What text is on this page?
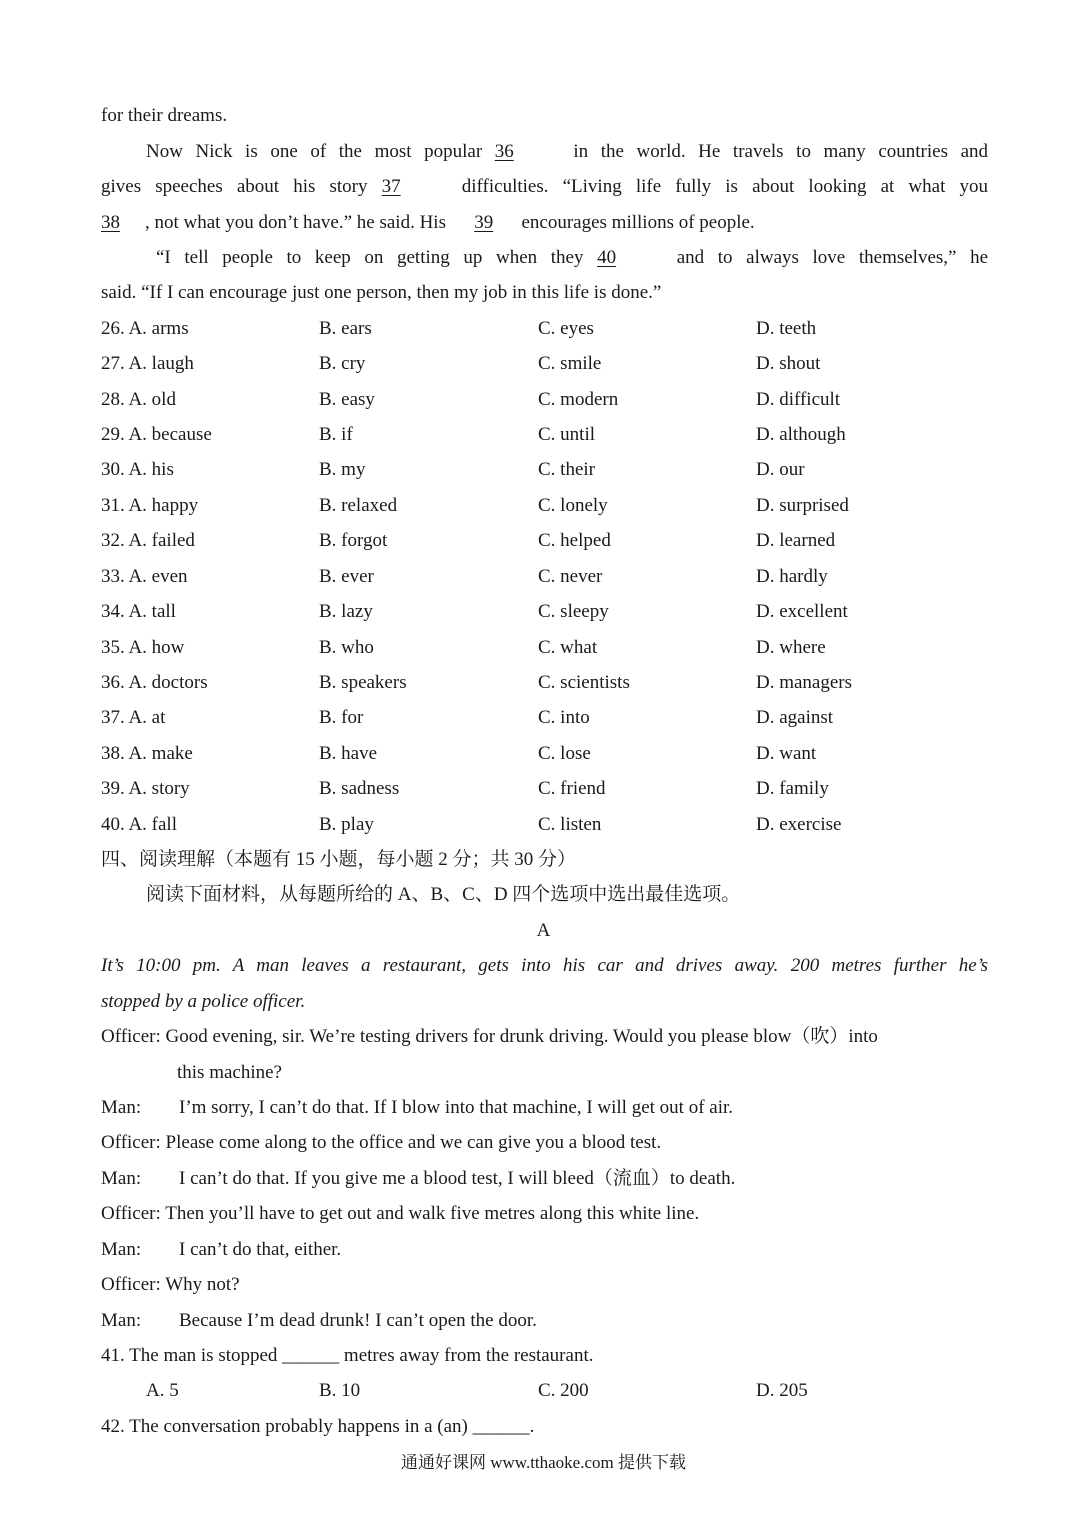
for their dreams.
Now Nick is one of the most popular 36	in the world. He travels to many countries and
gives speeches about his story 37	difficulties. “Living life fully is about looking at what you
38 , not what you don’t have.” he said. His 39 encourages millions of people.
“I tell people to keep on getting up when they 40	and to always love themselves,” he
said. “If I can encourage just one person, then my job in this life is done.”
26. A. arms	B. ears	C. eyes	D. teeth
27. A. laugh	B. cry	C. smile	D. shout
28. A. old	B. easy	C. modern	D. difficult
29. A. because	B. if	C. until	D. although
30. A. his	B. my	C. their	D. our
31. A. happy	B. relaxed	C. lonely	D. surprised
32. A. failed	B. forgot	C. helped	D. learned
33. A. even	B. ever	C. never	D. hardly
34. A. tall	B. lazy	C. sleepy	D. excellent
35. A. how	B. who	C. what	D. where
36. A. doctors	B. speakers	C. scientists	D. managers
37. A. at	B. for	C. into	D. against
38. A. make	B. have	C. lose	D. want
39. A. story	B. sadness	C. friend	D. family
40. A. fall	B. play	C. listen	D. exercise
四、阅读理解（本题有 15 小题，每小题 2 分；共 30 分）
阅读下面材料，从每题所给的 A、B、C、D 四个选项中选出最佳选项。
A
It’s 10:00 pm. A man leaves a restaurant, gets into his car and drives away. 200 metres further he’s
stopped by a police officer.
Officer: Good evening, sir. We’re testing drivers for drunk driving. Would you please blow（吹）into
this machine?
Man: I’m sorry, I can’t do that. If I blow into that machine, I will get out of air.
Officer: Please come along to the office and we can give you a blood test.
Man: I can’t do that. If you give me a blood test, I will bleed（流血）to death.
Officer: Then you’ll have to get out and walk five metres along this white line.
Man: I can’t do that, either.
Officer: Why not?
Man: Because I’m dead drunk! I can’t open the door.
41. The man is stopped ______ metres away from the restaurant.
A. 5	B. 10	C. 200	D. 205
42. The conversation probably happens in a (an) ______.
通通好课网 www.tthaoke.com 提供下载
